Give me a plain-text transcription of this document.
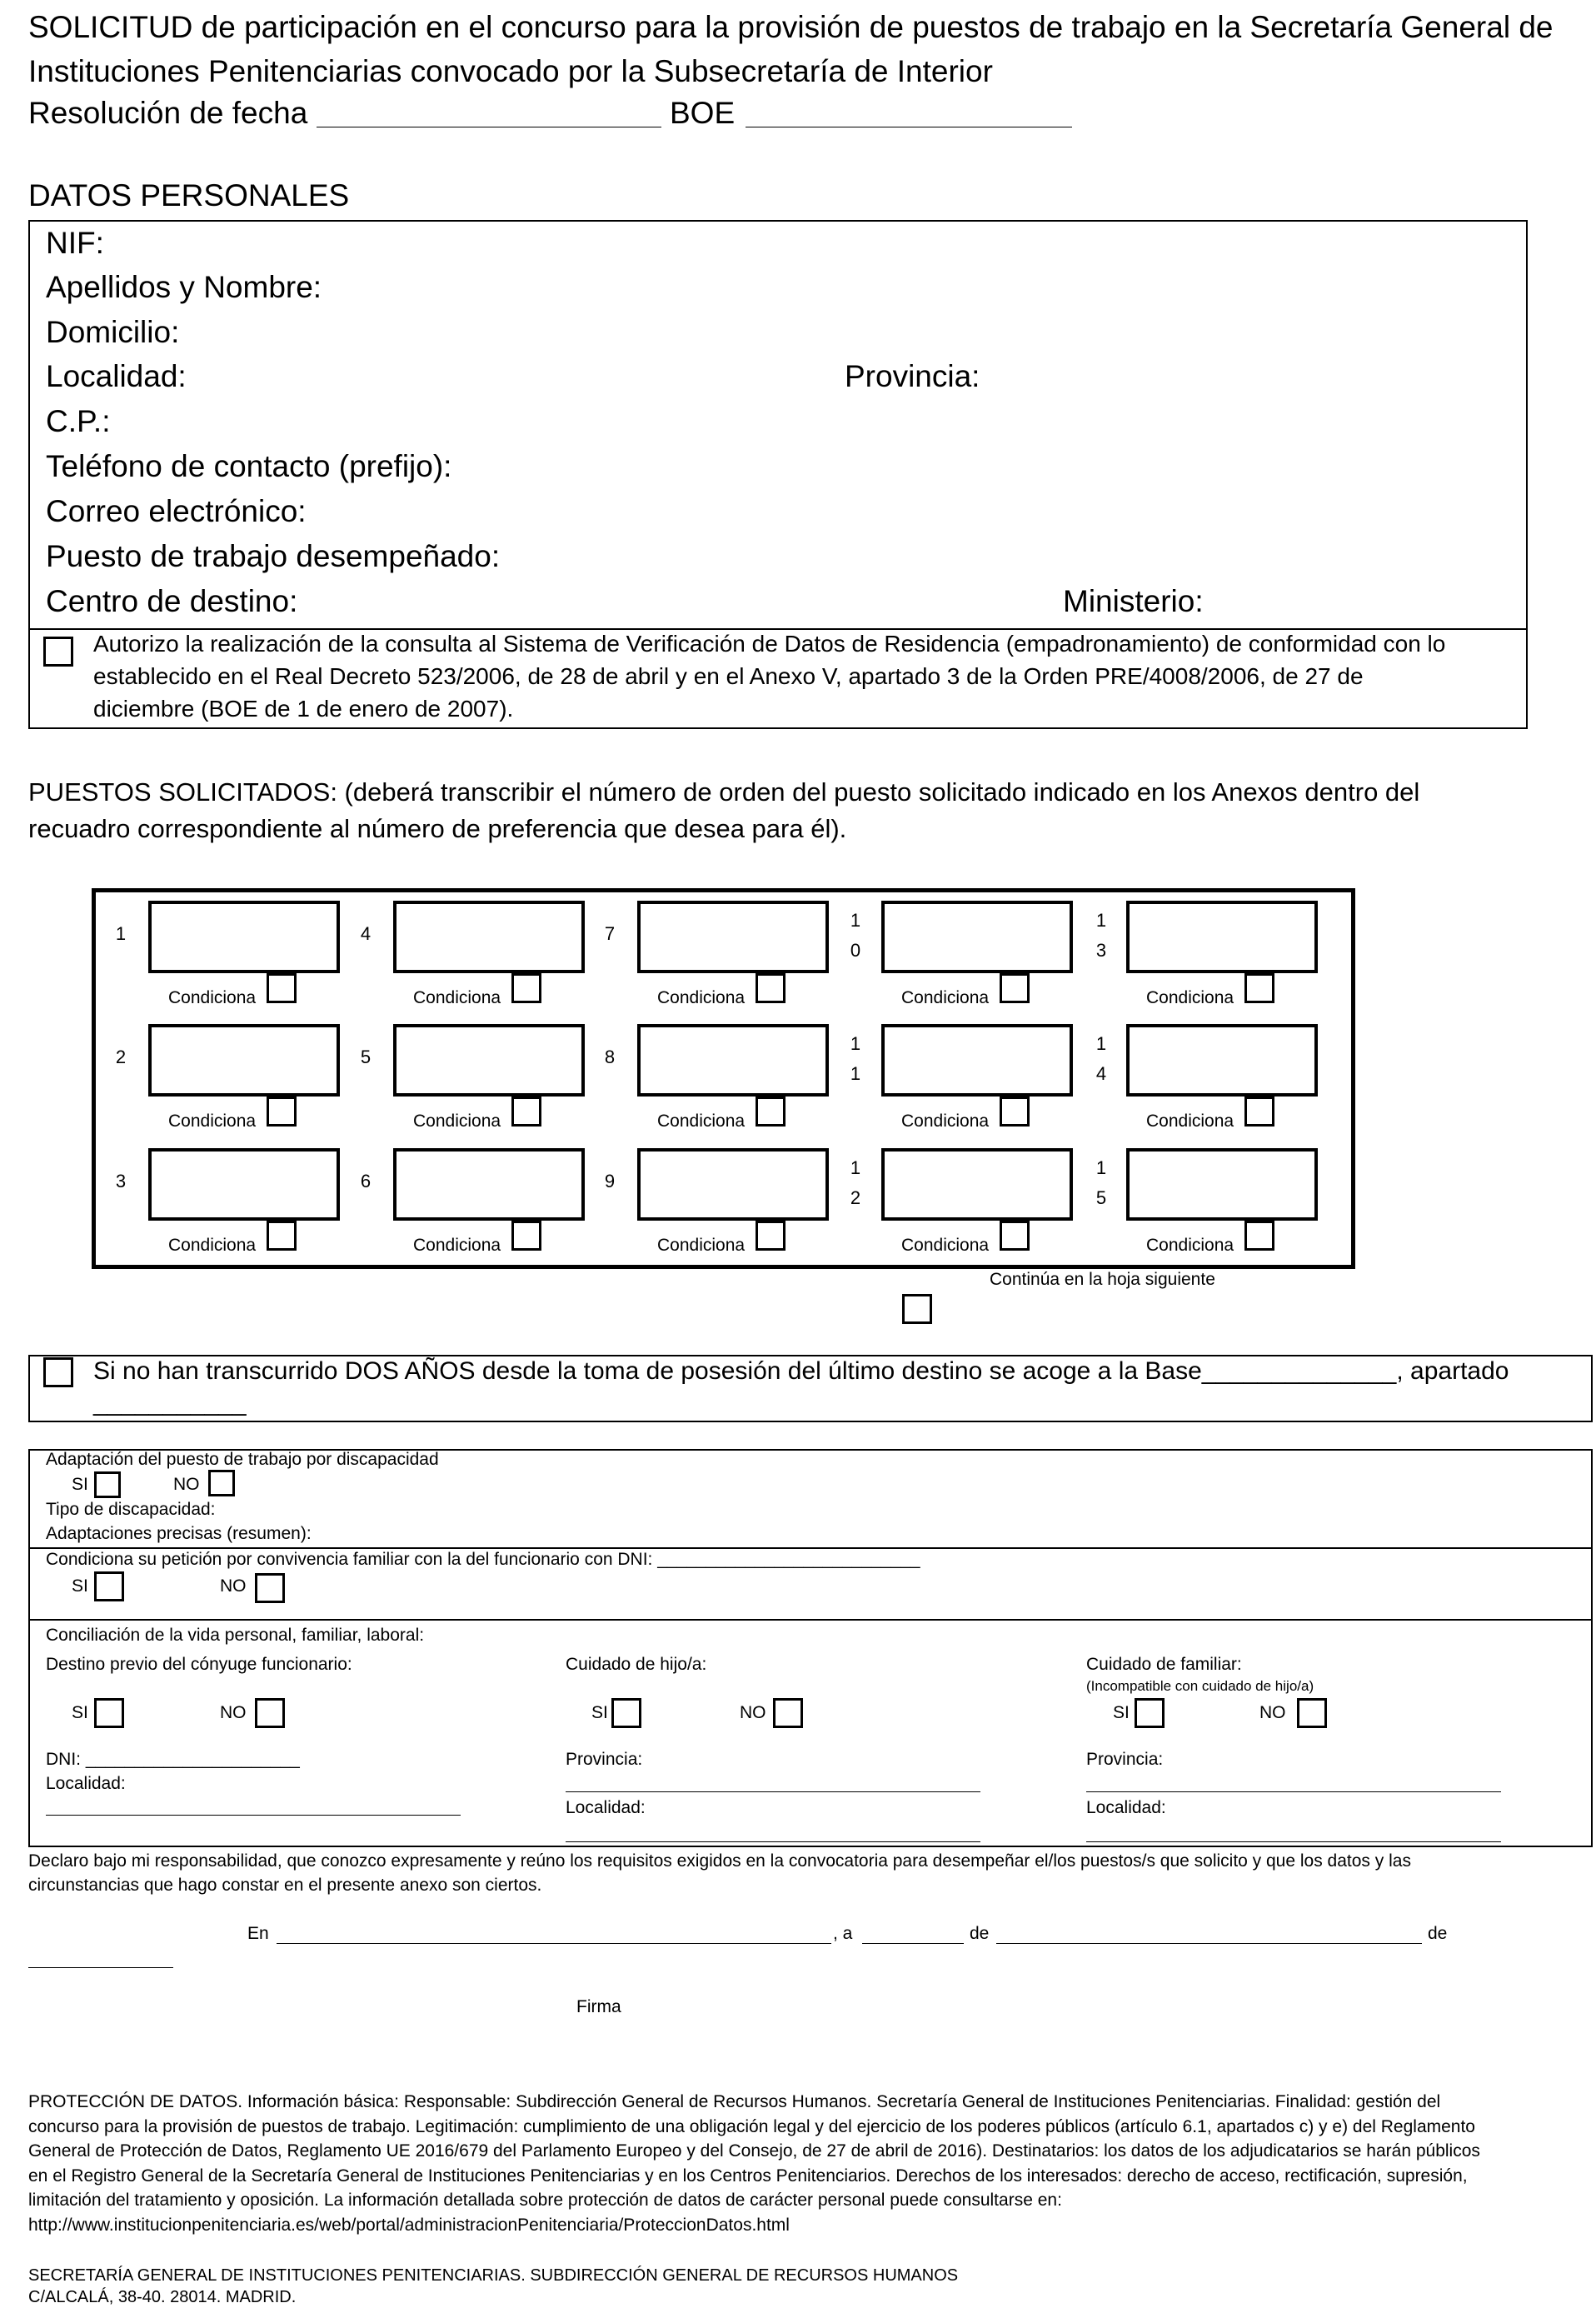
SOLICITUD de participación en el concurso para la provisión de puestos de trabajo en la Secretaría General de
Instituciones Penitenciarias convocado por la Subsecretaría de Interior
Resolución de fecha	BOE
DATOS PERSONALES
NIF:
Apellidos y Nombre:
Domicilio:
Localidad:	Provincia:
C.P.:
Teléfono de contacto (prefijo):
Correo electrónico:
Puesto de trabajo desempeñado:
Centro de destino:	Ministerio:
Autorizo la realización de la consulta al Sistema de Verificación de Datos de Residencia (empadronamiento) de conformidad con lo
establecido en el Real Decreto 523/2006, de 28 de abril y en el Anexo V, apartado 3 de la Orden PRE/4008/2006, de 27 de
diciembre (BOE de 1 de enero de 2007).
PUESTOS SOLICITADOS: (deberá transcribir el número de orden del puesto solicitado indicado en los Anexos dentro del
recuadro correspondiente al número de preferencia que desea para él).
1
Condiciona
4
Condiciona
7
Condiciona
1
0
Condiciona
1
3
Condiciona
2
Condiciona
5
Condiciona
8
Condiciona
1
1
Condiciona
1
4
Condiciona
3
Condiciona
6
Condiciona
9
Condiciona
1
2
Condiciona
1
5
Condiciona
Continúa en la hoja siguiente
Si no han transcurrido DOS AÑOS desde la toma de posesión del último destino se acoge a la Base______________, apartado
___________
Adaptación del puesto de trabajo por discapacidad
SI	NO
Tipo de discapacidad:
Adaptaciones precisas (resumen):
Condiciona su petición por convivencia familiar con la del funcionario con DNI: ___________________________
SI	NO
Conciliación de la vida personal, familiar, laboral:
Destino previo del cónyuge funcionario:	Cuidado de hijo/a:	Cuidado de familiar:
(Incompatible con cuidado de hijo/a)
SI	NO	SI	NO	SI	NO
DNI: ______________________
Localidad:
Provincia:
Localidad:
Provincia:
Localidad:
Declaro bajo mi responsabilidad, que conozco expresamente y reúno los requisitos exigidos en la convocatoria para desempeñar el/los puestos/s que solicito y que los datos y las
circunstancias que hago constar en el presente anexo son ciertos.
En	, a	de	de
Firma
PROTECCIÓN DE DATOS. Información básica: Responsable: Subdirección General de Recursos Humanos. Secretaría General de Instituciones Penitenciarias. Finalidad: gestión del
concurso para la provisión de puestos de trabajo. Legitimación: cumplimiento de una obligación legal y del ejercicio de los poderes públicos (artículo 6.1, apartados c) y e) del Reglamento
General de Protección de Datos, Reglamento UE 2016/679 del Parlamento Europeo y del Consejo, de 27 de abril de 2016). Destinatarios: los datos de los adjudicatarios se harán públicos
en el Registro General de la Secretaría General de Instituciones Penitenciarias y en los Centros Penitenciarios. Derechos de los interesados: derecho de acceso, rectificación, supresión,
limitación del tratamiento y oposición. La información detallada sobre protección de datos de carácter personal puede consultarse en:
http://www.institucionpenitenciaria.es/web/portal/administracionPenitenciaria/ProteccionDatos.html
SECRETARÍA GENERAL DE INSTITUCIONES PENITENCIARIAS. SUBDIRECCIÓN GENERAL DE RECURSOS HUMANOS
C/ALCALÁ, 38-40. 28014. MADRID.
